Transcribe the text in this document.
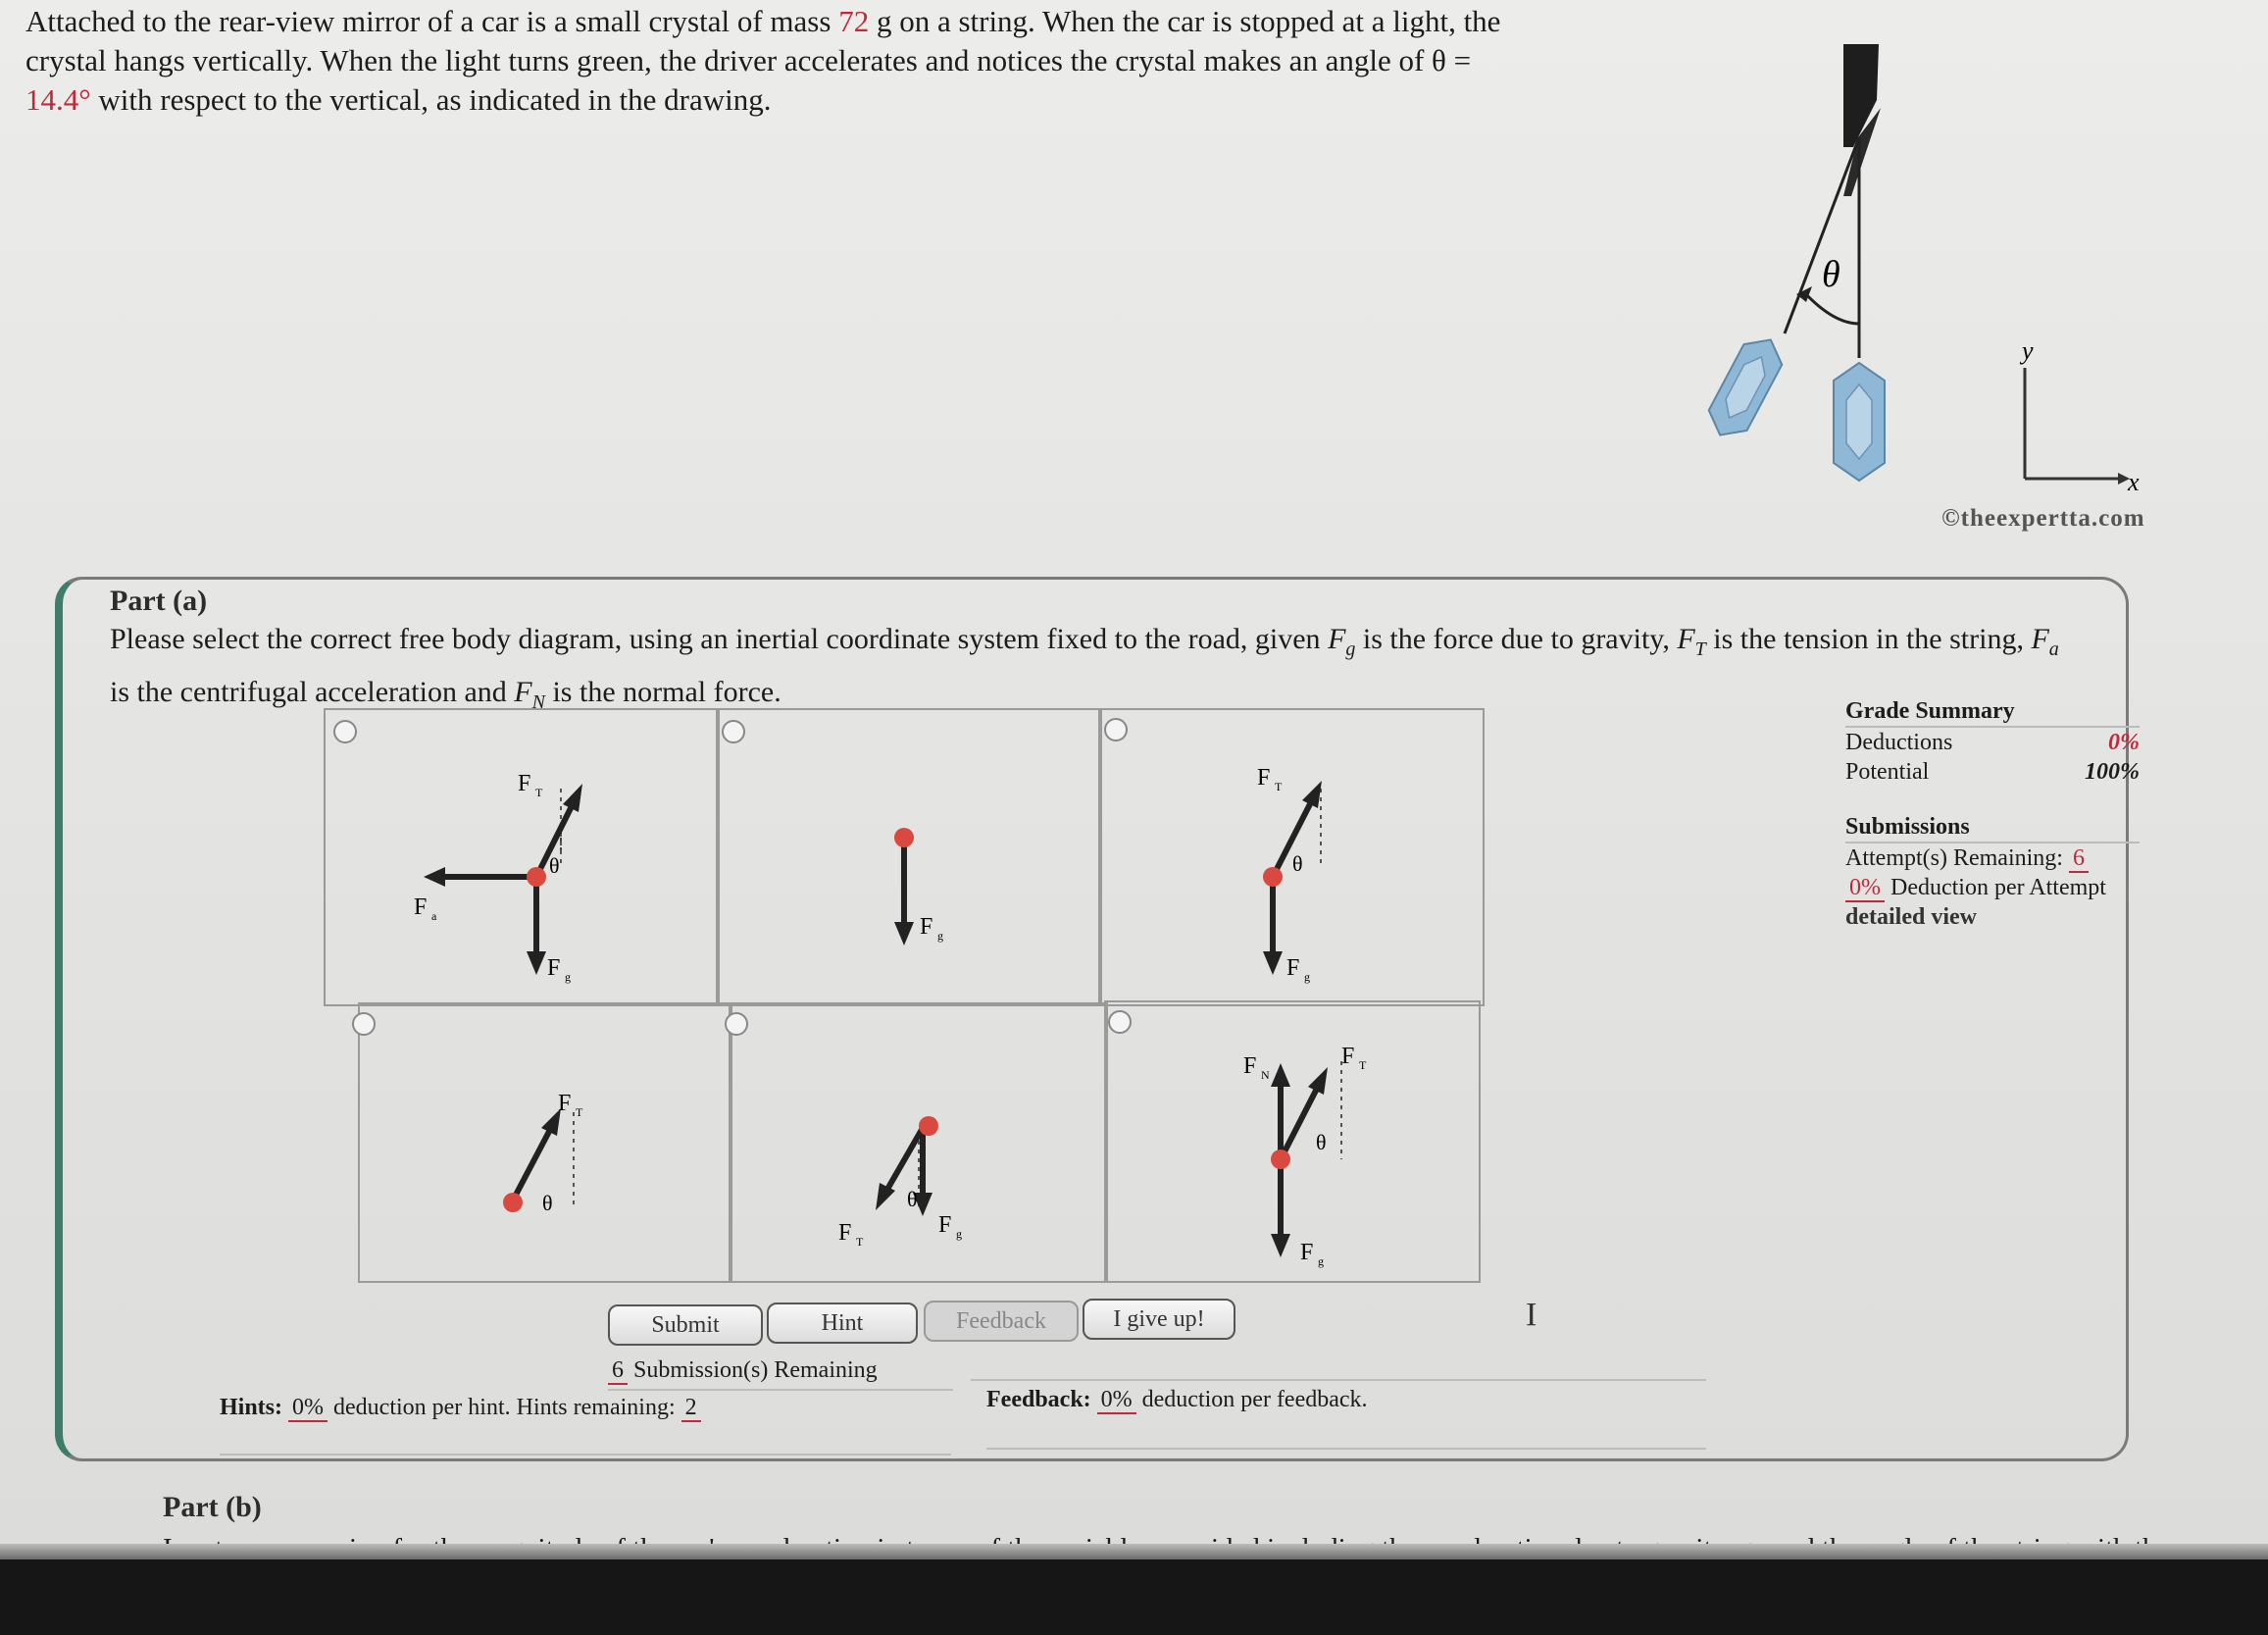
Attached to the rear-view mirror of a car is a small crystal of mass 72 g on a string. When the car is stopped at a light, the crystal hangs vertically. When the light turns green, the driver accelerates and notices the crystal makes an angle of θ = 14.4° with respect to the vertical, as indicated in the drawing.
θ
y
x
©theexpertta.com
Part (a)
Please select the correct free body diagram, using an inertial coordinate system fixed to the road, given $F_g$ is the force due to gravity, $F_T$ is the tension in the string, $F_a$
is the centrifugal acceleration and $F_N$ is the normal force.
F T
F a
F g
θ
F g
F T
F g
θ
F T
θ	θ
F T
F g
F N
F T
θ
F g
Submit	Hint	Feedback	I give up!	Ι
6 Submission(s) Remaining
Hints: 0% deduction per hint. Hints remaining: 2	Feedback: 0% deduction per feedback.
Grade Summary
Deductions	0%
Potential	100%
Submissions
Attempt(s) Remaining: 6
0% Deduction per Attempt
detailed view
Part (b)
